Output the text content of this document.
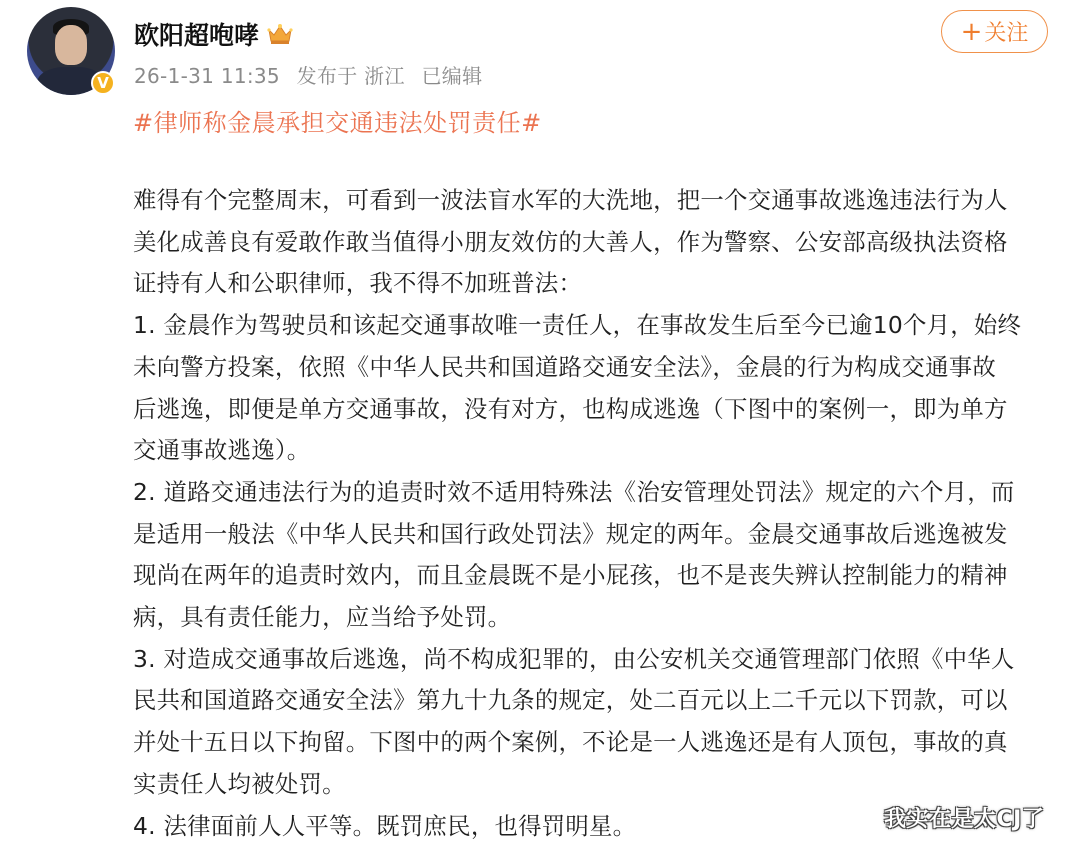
V
欧阳超咆哮
26-1-31 11:35 发布于 浙江 已编辑
+ 关注
#律师称金晨承担交通违法处罚责任#

难得有个完整周末，可看到一波法盲水军的大洗地，把一个交通事故逃逸违法行为人
美化成善良有爱敢作敢当值得小朋友效仿的大善人，作为警察、公安部高级执法资格
证持有人和公职律师，我不得不加班普法：

1. 金晨作为驾驶员和该起交通事故唯一责任人，在事故发生后至今已逾10个月，始终
未向警方投案，依照《中华人民共和国道路交通安全法》，金晨的行为构成交通事故
后逃逸，即便是单方交通事故，没有对方，也构成逃逸（下图中的案例一，即为单方
交通事故逃逸）。

2. 道路交通违法行为的追责时效不适用特殊法《治安管理处罚法》规定的六个月，而
是适用一般法《中华人民共和国行政处罚法》规定的两年。金晨交通事故后逃逸被发
现尚在两年的追责时效内，而且金晨既不是小屁孩，也不是丧失辨认控制能力的精神
病，具有责任能力，应当给予处罚。

3. 对造成交通事故后逃逸，尚不构成犯罪的，由公安机关交通管理部门依照《中华人
民共和国道路交通安全法》第九十九条的规定，处二百元以上二千元以下罚款，可以
并处十五日以下拘留。下图中的两个案例，不论是一人逃逸还是有人顶包，事故的真
实责任人均被处罚。

4. 法律面前人人平等。既罚庶民，也得罚明星。	我实在是太CJ了
